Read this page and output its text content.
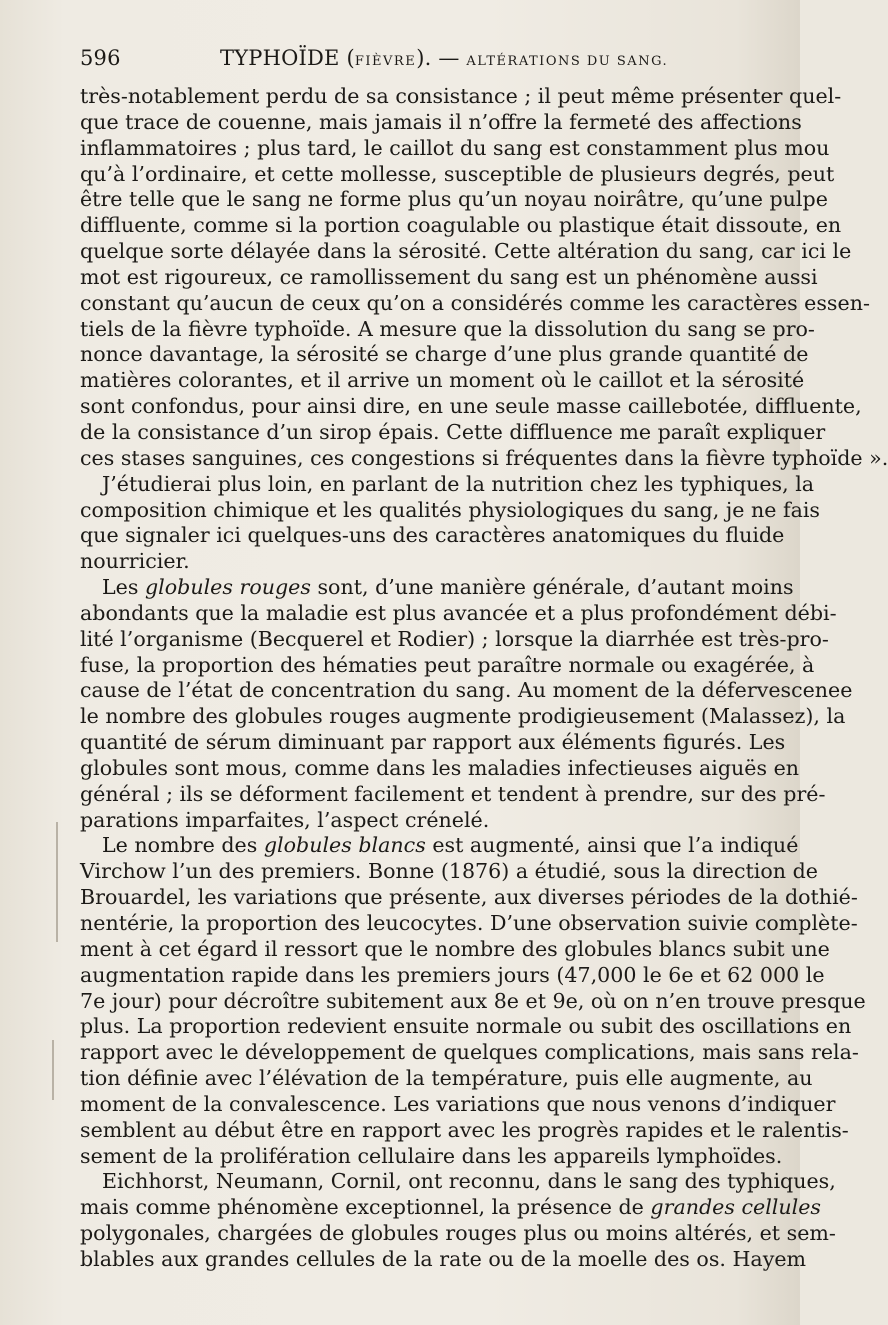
596	TYPHOÏDE (FIÈVRE). — ALTÉRATIONS DU SANG.
très-notablement perdu de sa consistance ; il peut même présenter quel-
que trace de couenne, mais jamais il n’offre la fermeté des affections
inflammatoires ; plus tard, le caillot du sang est constamment plus mou
qu’à l’ordinaire, et cette mollesse, susceptible de plusieurs degrés, peut
être telle que le sang ne forme plus qu’un noyau noirâtre, qu’une pulpe
diffluente, comme si la portion coagulable ou plastique était dissoute, en
quelque sorte délayée dans la sérosité. Cette altération du sang, car ici le
mot est rigoureux, ce ramollissement du sang est un phénomène aussi
constant qu’aucun de ceux qu’on a considérés comme les caractères essen-
tiels de la fièvre typhoïde. A mesure que la dissolution du sang se pro-
nonce davantage, la sérosité se charge d’une plus grande quantité de
matières colorantes, et il arrive un moment où le caillot et la sérosité
sont confondus, pour ainsi dire, en une seule masse caillebotée, diffluente,
de la consistance d’un sirop épais. Cette diffluence me paraît expliquer
ces stases sanguines, ces congestions si fréquentes dans la fièvre typhoïde ».
J’étudierai plus loin, en parlant de la nutrition chez les typhiques, la
composition chimique et les qualités physiologiques du sang, je ne fais
que signaler ici quelques-uns des caractères anatomiques du fluide
nourricier.
Les globules rouges sont, d’une manière générale, d’autant moins
abondants que la maladie est plus avancée et a plus profondément débi-
lité l’organisme (Becquerel et Rodier) ; lorsque la diarrhée est très-pro-
fuse, la proportion des hématies peut paraître normale ou exagérée, à
cause de l’état de concentration du sang. Au moment de la défervescenee
le nombre des globules rouges augmente prodigieusement (Malassez), la
quantité de sérum diminuant par rapport aux éléments figurés. Les
globules sont mous, comme dans les maladies infectieuses aiguës en
général ; ils se déforment facilement et tendent à prendre, sur des pré-
parations imparfaites, l’aspect crénelé.
Le nombre des globules blancs est augmenté, ainsi que l’a indiqué
Virchow l’un des premiers. Bonne (1876) a étudié, sous la direction de
Brouardel, les variations que présente, aux diverses périodes de la dothié-
nentérie, la proportion des leucocytes. D’une observation suivie complète-
ment à cet égard il ressort que le nombre des globules blancs subit une
augmentation rapide dans les premiers jours (47,000 le 6e et 62 000 le
7e jour) pour décroître subitement aux 8e et 9e, où on n’en trouve presque
plus. La proportion redevient ensuite normale ou subit des oscillations en
rapport avec le développement de quelques complications, mais sans rela-
tion définie avec l’élévation de la température, puis elle augmente, au
moment de la convalescence. Les variations que nous venons d’indiquer
semblent au début être en rapport avec les progrès rapides et le ralentis-
sement de la prolifération cellulaire dans les appareils lymphoïdes.
Eichhorst, Neumann, Cornil, ont reconnu, dans le sang des typhiques,
mais comme phénomène exceptionnel, la présence de grandes cellules
polygonales, chargées de globules rouges plus ou moins altérés, et sem-
blables aux grandes cellules de la rate ou de la moelle des os. Hayem
